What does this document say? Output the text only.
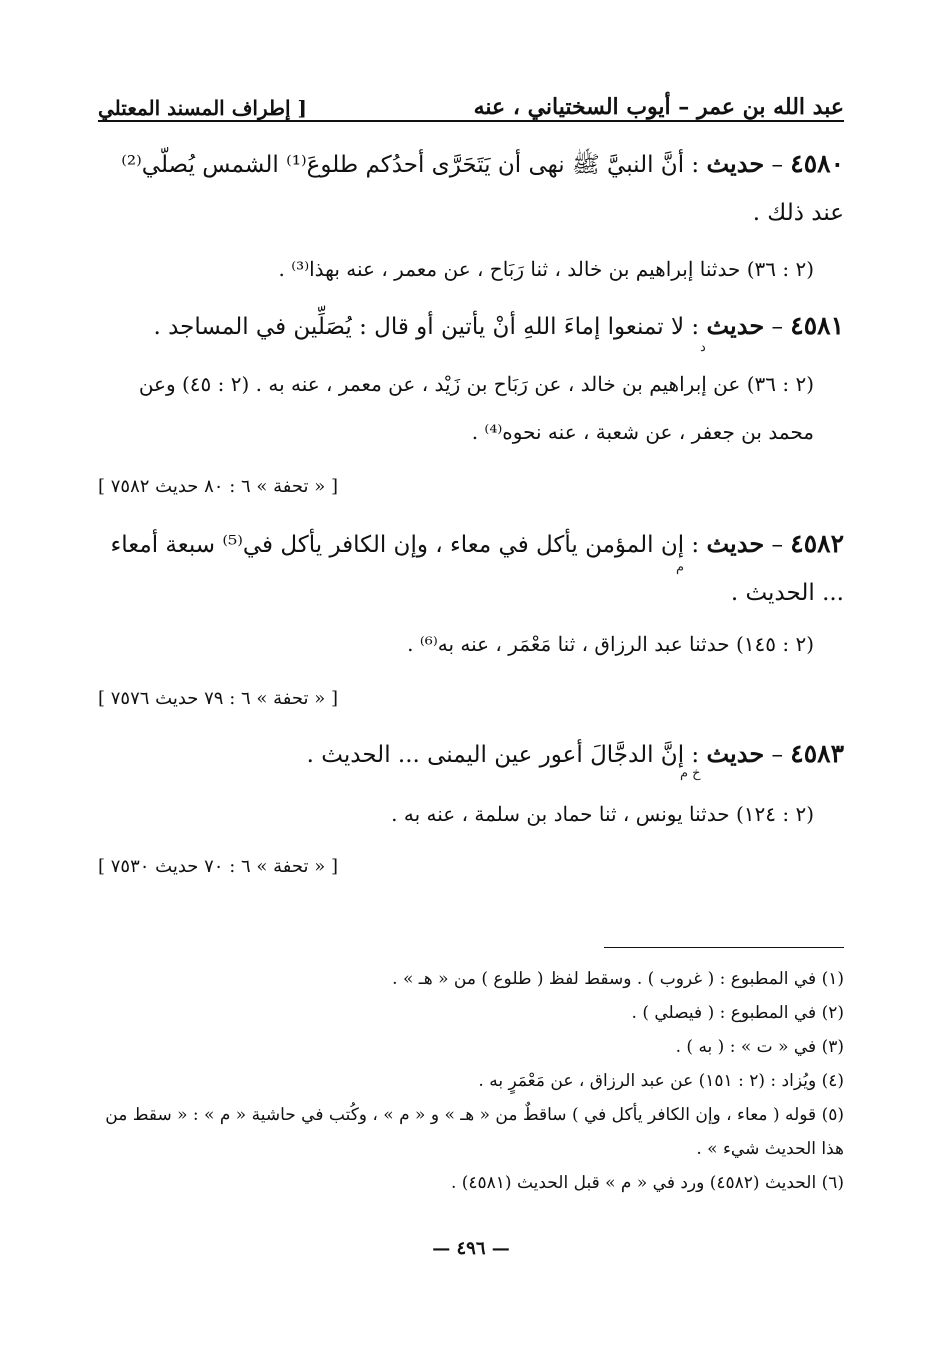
عبد الله بن عمر – أيوب السختياني ، عنه
[ إطراف المسند المعتلي
٤٥٨٠ – حديث : أنَّ النبيَّ ﷺ نهى أن يَتَحَرَّى أحدُكم طلوعَ⁽¹⁾ الشمس يُصلّي⁽²⁾ عند ذلك .
(٢ : ٣٦) حدثنا إبراهيم بن خالد ، ثنا رَبَاح ، عن معمر ، عنه بهذا⁽³⁾ .
٤٥٨١ – حديث : لا تمنعوا إماءَ اللهِ أنْ يأتين أو قال : يُصَلِّين في المساجد .
د
(٢ : ٣٦) عن إبراهيم بن خالد ، عن رَبَاح بن زَيْد ، عن معمر ، عنه به . (٢ : ٤٥) وعن محمد بن جعفر ، عن شعبة ، عنه نحوه⁽⁴⁾ .
[ « تحفة » ٦ : ٨٠ حديث ٧٥٨٢ ]
٤٥٨٢ – حديث : إن المؤمن يأكل في معاء ، وإن الكافر يأكل في⁽⁵⁾ سبعة أمعاء ... الحديث .
م
(٢ : ١٤٥) حدثنا عبد الرزاق ، ثنا مَعْمَر ، عنه به⁽⁶⁾ .
[ « تحفة » ٦ : ٧٩ حديث ٧٥٧٦ ]
٤٥٨٣ – حديث : إنَّ الدجَّالَ أعور عين اليمنى ... الحديث .
خ م
(٢ : ١٢٤) حدثنا يونس ، ثنا حماد بن سلمة ، عنه به .
[ « تحفة » ٦ : ٧٠ حديث ٧٥٣٠ ]
(١) في المطبوع : ( غروب ) . وسقط لفظ ( طلوع ) من « هـ » .
(٢) في المطبوع : ( فيصلي ) .
(٣) في « ت » : ( به ) .
(٤) ويُزاد : (٢ : ١٥١) عن عبد الرزاق ، عن مَعْمَرٍ به .
(٥) قوله ( معاء ، وإن الكافر يأكل في ) ساقطٌ من « هـ » و « م » ، وكُتب في حاشية « م » : « سقط من هذا الحديث شيء » .
(٦) الحديث (٤٥٨٢) ورد في « م » قبل الحديث (٤٥٨١) .
— ٤٩٦ —
